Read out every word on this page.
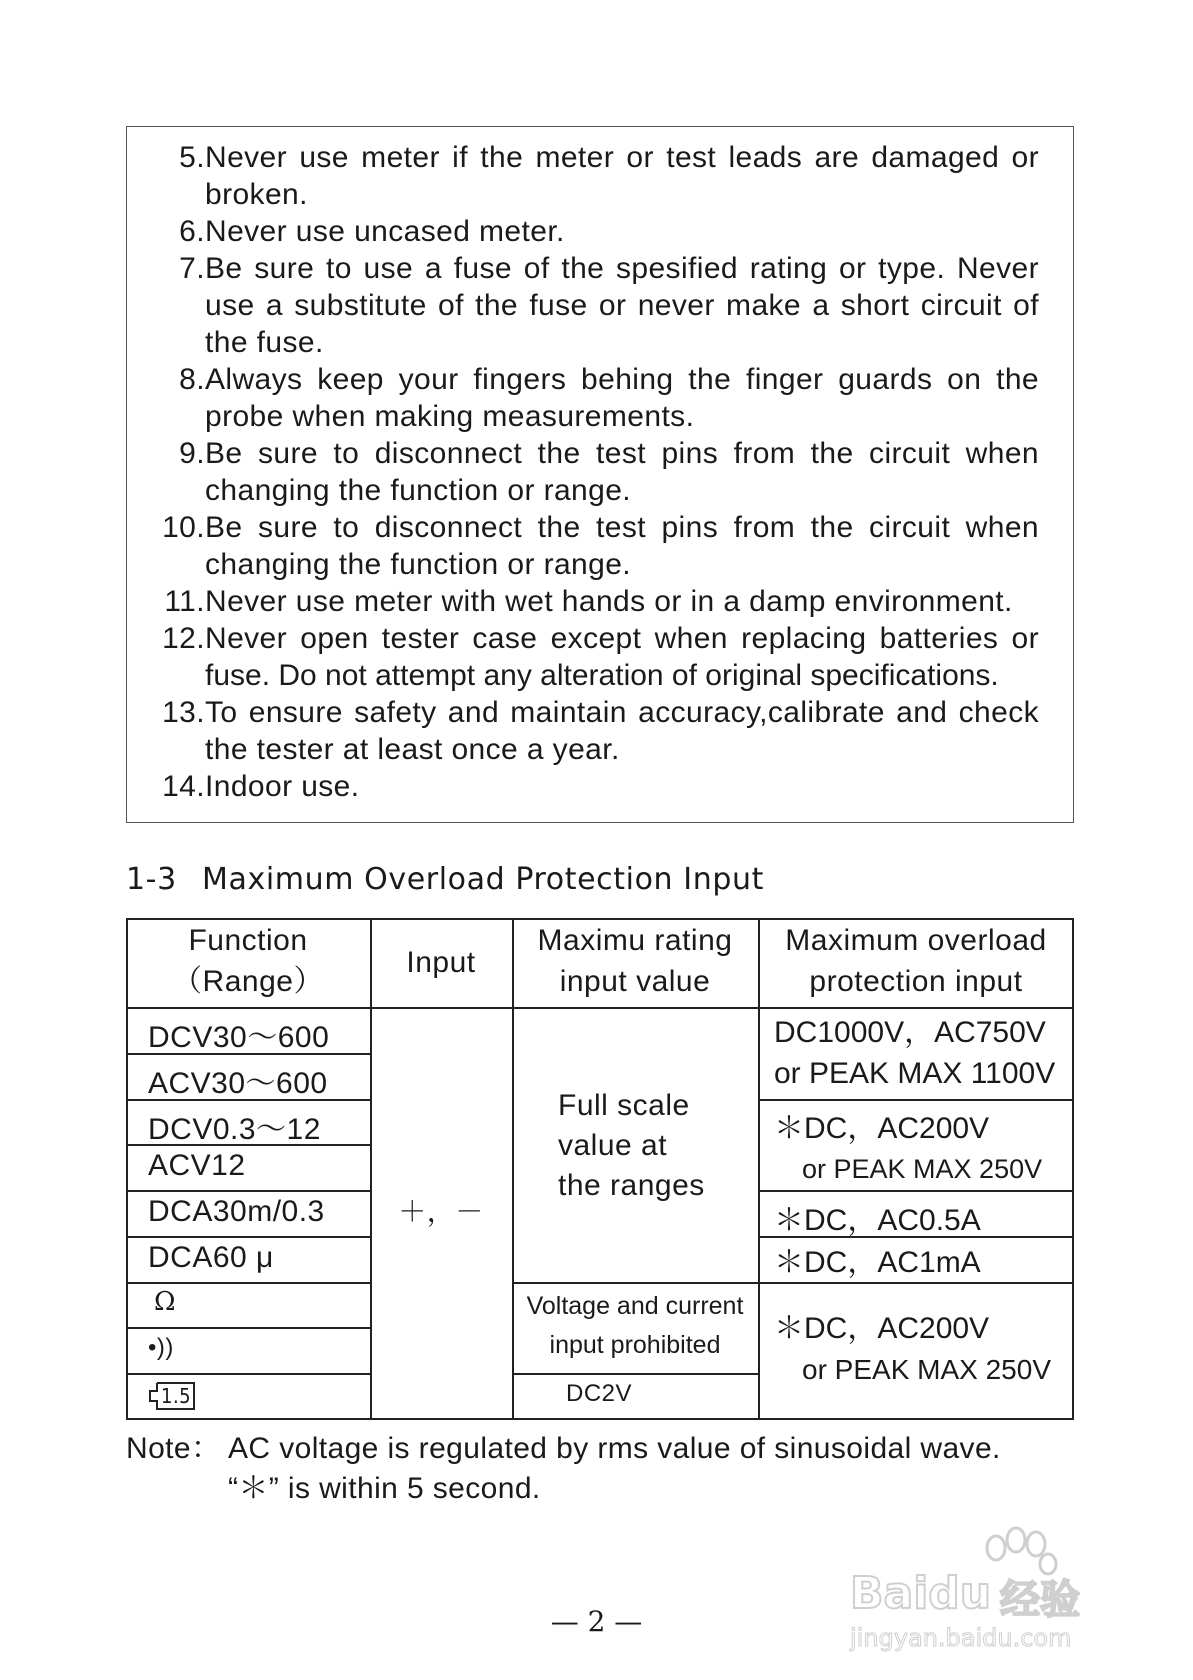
5. Never use meter if the meter or test leads are damaged or
broken.
6. Never use uncased meter.
7. Be sure to use a fuse of the spesified rating or type. Never
use a substitute of the fuse or never make a short circuit of
the fuse.
8. Always keep your fingers behing the finger guards on the
probe when making measurements.
9. Be sure to disconnect the test pins from the circuit when
changing the function or range.
10. Be sure to disconnect the test pins from the circuit when
changing the function or range.
11. Never use meter with wet hands or in a damp environment.
12. Never open tester case except when replacing batteries or
fuse. Do not attempt any alteration of original specifications.
13. To ensure safety and maintain accuracy,calibrate and check
the tester at least once a year.
14. Indoor use.
1-3 Maximum Overload Protection Input
Function
（Range）
Input
Maximu rating
input value
Maximum overload
protection input
DCV30～600
ACV30～600
DCV0.3～12
ACV12
DCA30m/0.3
DCA60 μ
Ω
•))
1.5
＋，－
Full scale
value at
the ranges
Voltage and current
input prohibited
DC2V
DC1000V，AC750V
or PEAK MAX 1100V
＊DC，AC200V
or PEAK MAX 250V
＊DC，AC0.5A
＊DC，AC1mA
＊DC，AC200V
or PEAK MAX 250V
Note： AC voltage is regulated by rms value of sinusoidal wave.
“＊” is within 5 second.
— 2 —
Baidu 经验
jingyan.baidu.com
